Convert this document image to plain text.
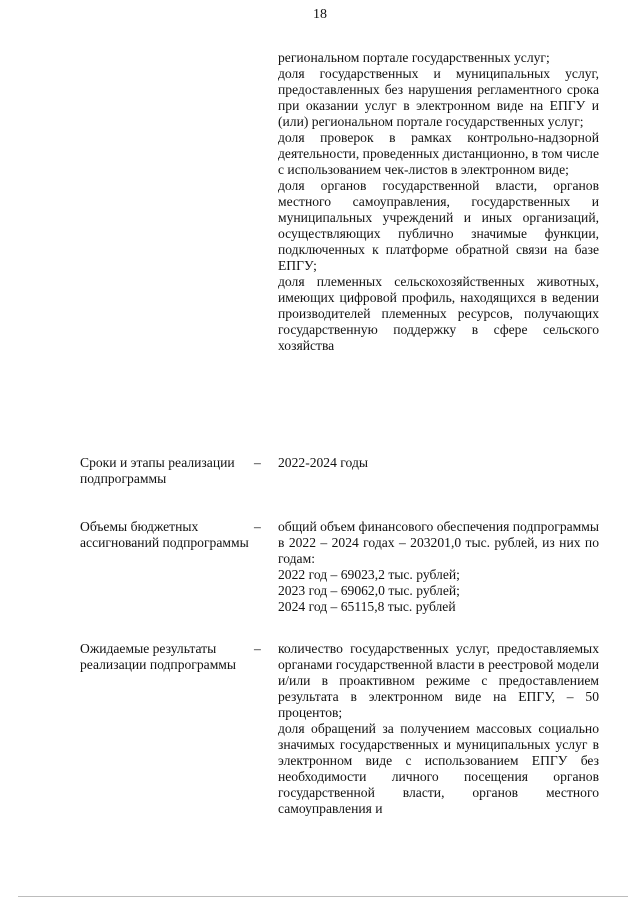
18
региональном портале государственных услуг;
доля государственных и муниципальных услуг, предоставленных без нарушения регламентного срока при оказании услуг в электронном виде на ЕПГУ и (или) региональном портале государственных услуг;
доля проверок в рамках контрольно-надзорной деятельности, проведенных дистанционно, в том числе с использованием чек-листов в электронном виде;
доля органов государственной власти, органов местного самоуправления, государственных и муниципальных учреждений и иных организаций, осуществляющих публично значимые функции, подключенных к платформе обратной связи на базе ЕПГУ;
доля племенных сельскохозяйственных животных, имеющих цифровой профиль, находящихся в ведении производителей племенных ресурсов, получающих государственную поддержку в сфере сельского хозяйства
Сроки и этапы реализации подпрограммы
– 2022-2024 годы
Объемы бюджетных ассигнований подпрограммы
– общий объем финансового обеспечения подпрограммы в 2022 – 2024 годах – 203201,0 тыс. рублей, из них по годам:
2022 год – 69023,2 тыс. рублей;
2023 год – 69062,0 тыс. рублей;
2024 год – 65115,8 тыс. рублей
Ожидаемые результаты реализации подпрограммы
– количество государственных услуг, предоставляемых органами государственной власти в реестровой модели и/или в проактивном режиме с предоставлением результата в электронном виде на ЕПГУ, – 50 процентов;
доля обращений за получением массовых социально значимых государственных и муниципальных услуг в электронном виде с использованием ЕПГУ без необходимости личного посещения органов государственной власти, органов местного самоуправления и
